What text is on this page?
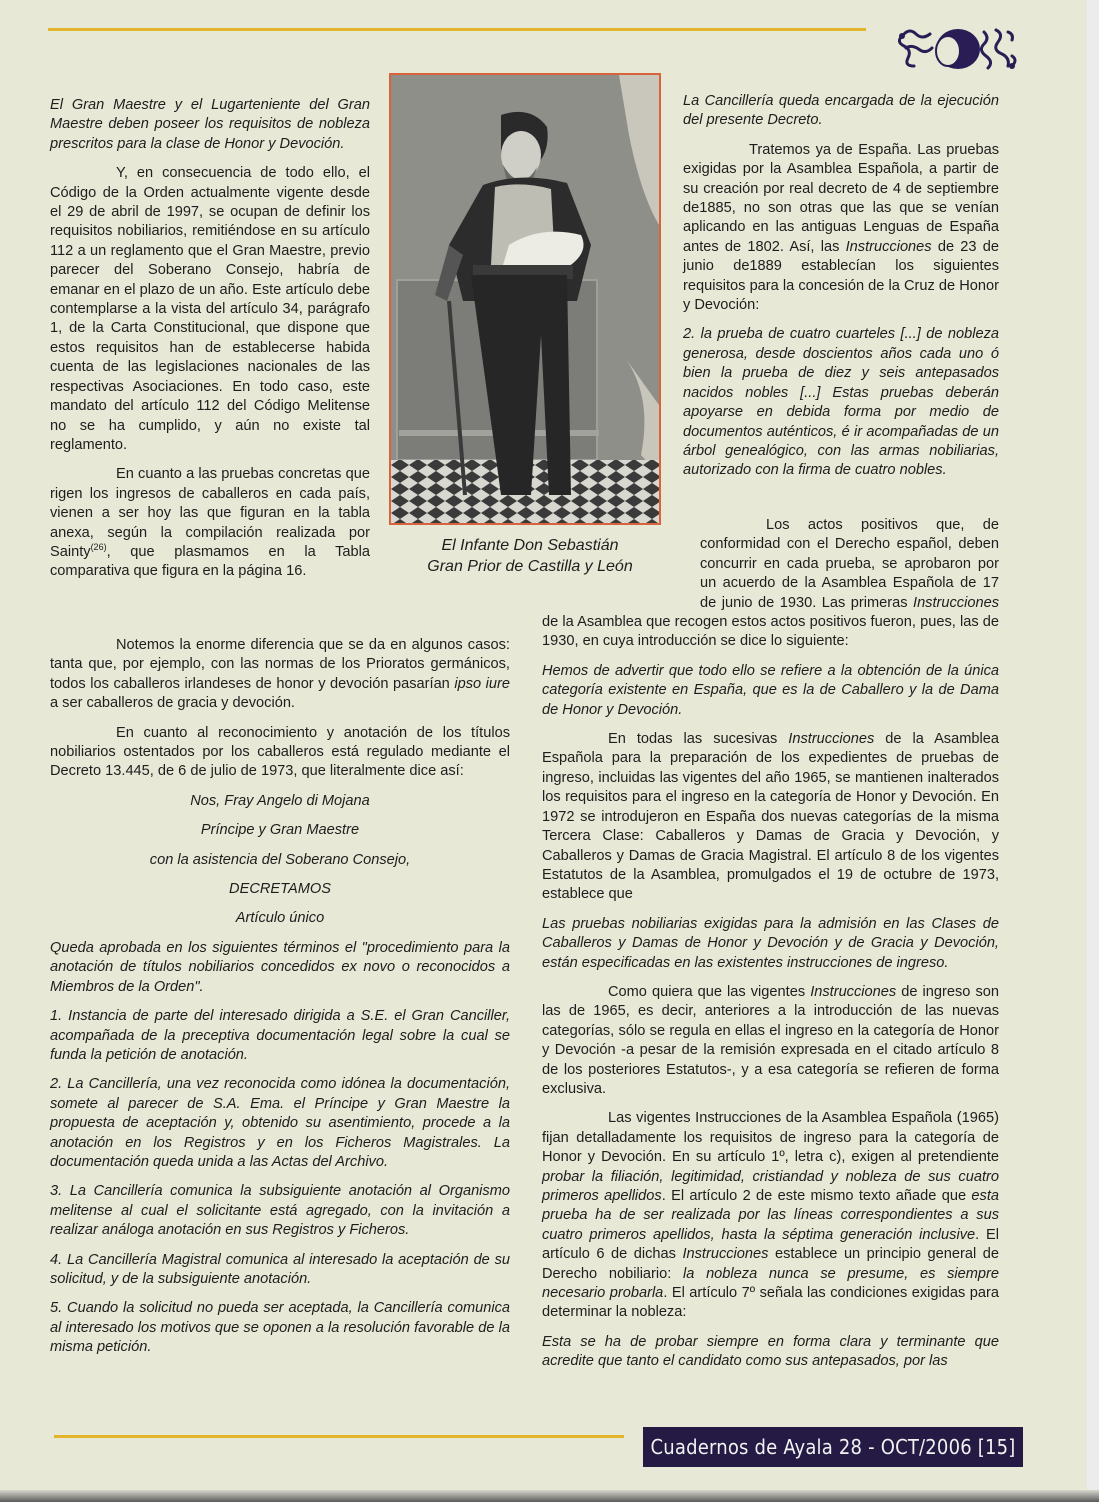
El Infante Don Sebastián
Gran Prior de Castilla y León

El Gran Maestre y el Lugarteniente del Gran Maestre deben poseer los requisitos de nobleza prescritos para la clase de Honor y Devoción.

Y, en consecuencia de todo ello, el Código de la Orden actualmente vigente desde el 29 de abril de 1997, se ocupan de definir los requisitos nobiliarios, remitiéndose en su artículo 112 a un reglamento que el Gran Maestre, previo parecer del Soberano Consejo, habría de emanar en el plazo de un año. Este artículo debe contemplarse a la vista del artículo 34, parágrafo 1, de la Carta Constitucional, que dispone que estos requisitos han de establecerse habida cuenta de las legislaciones nacionales de las respectivas Asociaciones. En todo caso, este mandato del artículo 112 del Código Melitense no se ha cumplido, y aún no existe tal reglamento.

En cuanto a las pruebas concretas que rigen los ingresos de caballeros en cada país, vienen a ser hoy las que figuran en la tabla anexa, según la compilación realizada por Sainty$^{(26)}$, que plasmamos en la Tabla comparativa que figura en la página 16.

Notemos la enorme diferencia que se da en algunos casos: tanta que, por ejemplo, con las normas de los Prioratos germánicos, todos los caballeros irlandeses de honor y devoción pasarían ipso iure a ser caballeros de gracia y devoción.

En cuanto al reconocimiento y anotación de los títulos nobiliarios ostentados por los caballeros está regulado mediante el Decreto 13.445, de 6 de julio de 1973, que literalmente dice así:

Nos, Fray Angelo di Mojana

Príncipe y Gran Maestre

con la asistencia del Soberano Consejo,

DECRETAMOS

Artículo único

Queda aprobada en los siguientes términos el "procedimiento para la anotación de títulos nobiliarios concedidos ex novo o reconocidos a Miembros de la Orden".

1. Instancia de parte del interesado dirigida a S.E. el Gran Canciller, acompañada de la preceptiva documentación legal sobre la cual se funda la petición de anotación.

2. La Cancillería, una vez reconocida como idónea la documentación, somete al parecer de S.A. Ema. el Príncipe y Gran Maestre la propuesta de aceptación y, obtenido su asentimiento, procede a la anotación en los Registros y en los Ficheros Magistrales. La documentación queda unida a las Actas del Archivo.

3. La Cancillería comunica la subsiguiente anotación al Organismo melitense al cual el solicitante está agregado, con la invitación a realizar análoga anotación en sus Registros y Ficheros.

4. La Cancillería Magistral comunica al interesado la aceptación de su solicitud, y de la subsiguiente anotación.

5. Cuando la solicitud no pueda ser aceptada, la Cancillería comunica al interesado los motivos que se oponen a la resolución favorable de la misma petición.

La Cancillería queda encargada de la ejecución del presente Decreto.

Tratemos ya de España. Las pruebas exigidas por la Asamblea Española, a partir de su creación por real decreto de 4 de septiembre de1885, no son otras que las que se venían aplicando en las antiguas Lenguas de España antes de 1802. Así, las Instrucciones de 23 de junio de1889 establecían los siguientes requisitos para la concesión de la Cruz de Honor y Devoción:

2. la prueba de cuatro cuarteles [...] de nobleza generosa, desde doscientos años cada uno ó bien la prueba de diez y seis antepasados nacidos nobles [...] Estas pruebas deberán apoyarse en debida forma por medio de documentos auténticos, é ir acompañadas de un árbol genealógico, con las armas nobiliarias, autorizado con la firma de cuatro nobles.

Los actos positivos que, de conformidad con el Derecho español, deben concurrir en cada prueba, se aprobaron por un acuerdo de la Asamblea Española de 17 de junio de 1930. Las primeras Instrucciones de la Asamblea que recogen estos actos positivos fueron, pues, las de 1930, en cuya introducción se dice lo siguiente:

Hemos de advertir que todo ello se refiere a la obtención de la única categoría existente en España, que es la de Caballero y la de Dama de Honor y Devoción.

En todas las sucesivas Instrucciones de la Asamblea Española para la preparación de los expedientes de pruebas de ingreso, incluidas las vigentes del año 1965, se mantienen inalterados los requisitos para el ingreso en la categoría de Honor y Devoción. En 1972 se introdujeron en España dos nuevas categorías de la misma Tercera Clase: Caballeros y Damas de Gracia y Devoción, y Caballeros y Damas de Gracia Magistral. El artículo 8 de los vigentes Estatutos de la Asamblea, promulgados el 19 de octubre de 1973, establece que

Las pruebas nobiliarias exigidas para la admisión en las Clases de Caballeros y Damas de Honor y Devoción y de Gracia y Devoción, están especificadas en las existentes instrucciones de ingreso.

Como quiera que las vigentes Instrucciones de ingreso son las de 1965, es decir, anteriores a la introducción de las nuevas categorías, sólo se regula en ellas el ingreso en la categoría de Honor y Devoción -a pesar de la remisión expresada en el citado artículo 8 de los posteriores Estatutos-, y a esa categoría se refieren de forma exclusiva.

Las vigentes Instrucciones de la Asamblea Española (1965) fijan detalladamente los requisitos de ingreso para la categoría de Honor y Devoción. En su artículo 1º, letra c), exigen al pretendiente probar la filiación, legitimidad, cristiandad y nobleza de sus cuatro primeros apellidos. El artículo 2 de este mismo texto añade que esta prueba ha de ser realizada por las líneas correspondientes a sus cuatro primeros apellidos, hasta la séptima generación inclusive. El artículo 6 de dichas Instrucciones establece un principio general de Derecho nobiliario: la nobleza nunca se presume, es siempre necesario probarla. El artículo 7º señala las condiciones exigidas para determinar la nobleza:

Esta se ha de probar siempre en forma clara y terminante que acredite que tanto el candidato como sus antepasados, por las

Cuadernos de Ayala 28 - OCT/2006 [15]
